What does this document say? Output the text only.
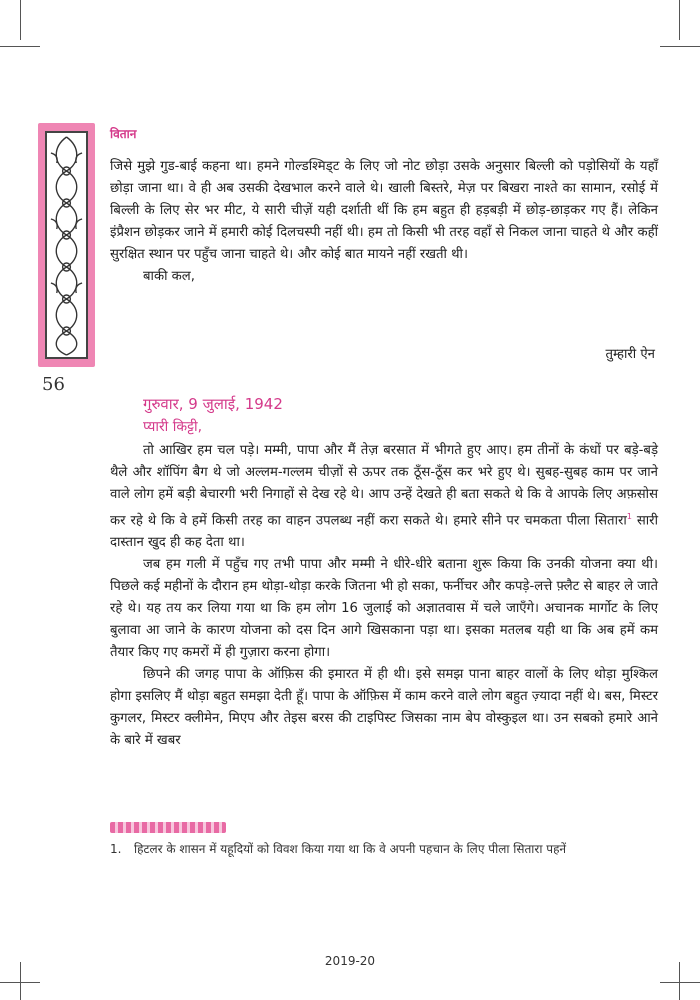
56
वितान

जिसे मुझे गुड-बाई कहना था। हमने गोल्डश्मिड्ट के लिए जो नोट छोड़ा उसके अनुसार बिल्ली को पड़ोसियों के यहाँ छोड़ा जाना था। वे ही अब उसकी देखभाल करने वाले थे। खाली बिस्तरे, मेज़ पर बिखरा नाश्ते का सामान, रसोई में बिल्ली के लिए सेर भर मीट, ये सारी चीज़ें यही दर्शाती थीं कि हम बहुत ही हड़बड़ी में छोड़-छाड़कर गए हैं। लेकिन इंप्रैशन छोड़कर जाने में हमारी कोई दिलचस्पी नहीं थी। हम तो किसी भी तरह वहाँ से निकल जाना चाहते थे और कहीं सुरक्षित स्थान पर पहुँच जाना चाहते थे। और कोई बात मायने नहीं रखती थी।

बाकी कल,

तुम्हारी ऐन
गुरुवार, 9 जुलाई, 1942
प्यारी किट्टी,

तो आखिर हम चल पड़े। मम्मी, पापा और मैं तेज़ बरसात में भीगते हुए आए। हम तीनों के कंधों पर बड़े-बड़े थैले और शॉपिंग बैग थे जो अल्लम-गल्लम चीज़ों से ऊपर तक ठूँस-ठूँस कर भरे हुए थे। सुबह-सुबह काम पर जाने वाले लोग हमें बड़ी बेचारगी भरी निगाहों से देख रहे थे। आप उन्हें देखते ही बता सकते थे कि वे आपके लिए अफ़सोस कर रहे थे कि वे हमें किसी तरह का वाहन उपलब्ध नहीं करा सकते थे। हमारे सीने पर चमकता पीला सितारा$^1$ सारी दास्तान खुद ही कह देता था।

जब हम गली में पहुँच गए तभी पापा और मम्मी ने धीरे-धीरे बताना शुरू किया कि उनकी योजना क्या थी। पिछले कई महीनों के दौरान हम थोड़ा-थोड़ा करके जितना भी हो सका, फर्नीचर और कपड़े-लत्ते फ़्लैट से बाहर ले जाते रहे थे। यह तय कर लिया गया था कि हम लोग 16 जुलाई को अज्ञातवास में चले जाएँगे। अचानक मार्गोट के लिए बुलावा आ जाने के कारण योजना को दस दिन आगे खिसकाना पड़ा था। इसका मतलब यही था कि अब हमें कम तैयार किए गए कमरों में ही गुज़ारा करना होगा।

छिपने की जगह पापा के ऑफ़िस की इमारत में ही थी। इसे समझ पाना बाहर वालों के लिए थोड़ा मुश्किल होगा इसलिए मैं थोड़ा बहुत समझा देती हूँ। पापा के ऑफ़िस में काम करने वाले लोग बहुत ज़्यादा नहीं थे। बस, मिस्टर कुगलर, मिस्टर क्लीमेन, मिएप और तेइस बरस की टाइपिस्ट जिसका नाम बेप वोस्कुइल था। उन सबको हमारे आने के बारे में खबर

1. हिटलर के शासन में यहूदियों को विवश किया गया था कि वे अपनी पहचान के लिए पीला सितारा पहनें
2019-20
